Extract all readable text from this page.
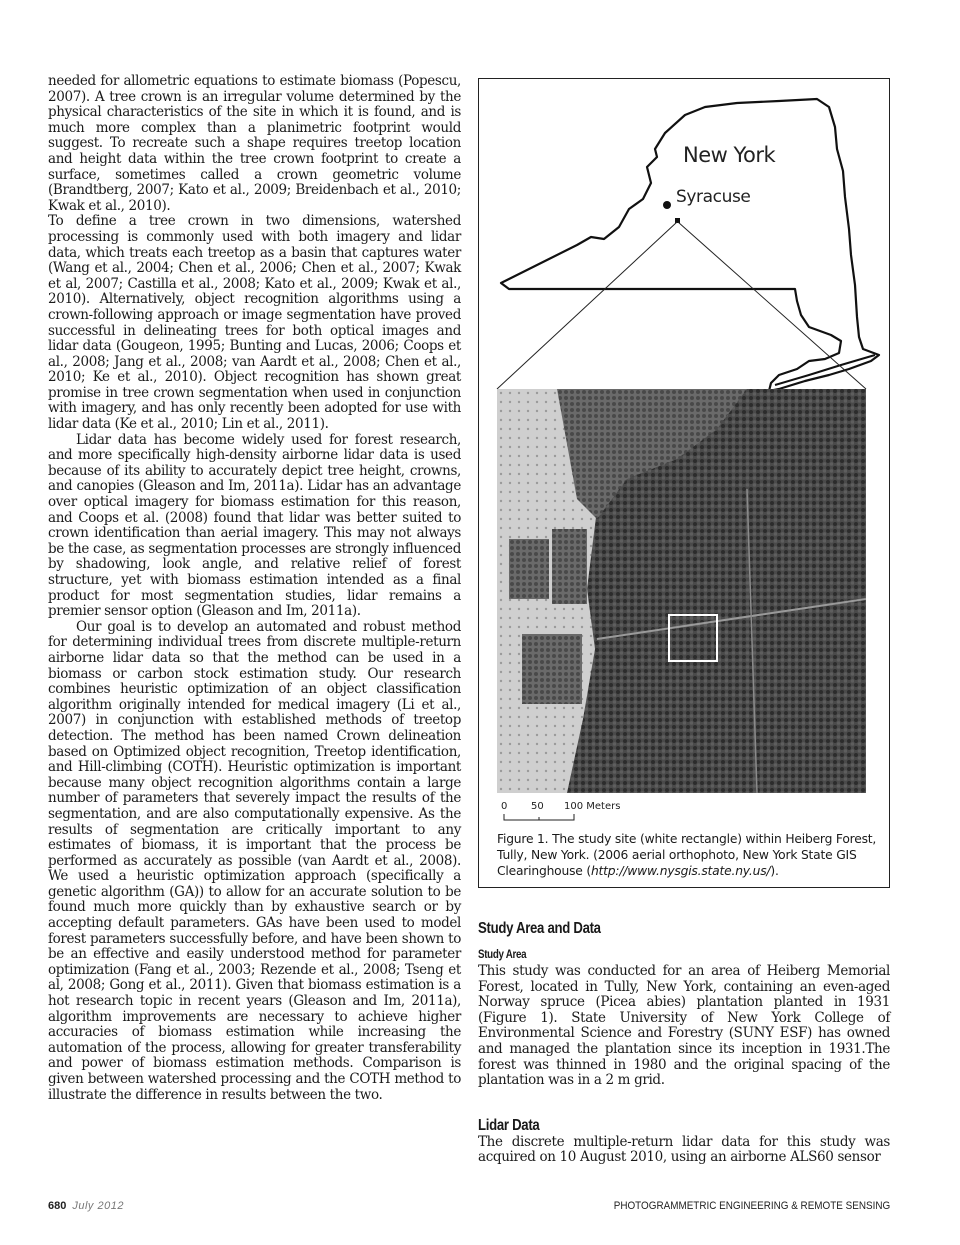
needed for allometric equations to estimate biomass (Popescu, 2007). A tree crown is an irregular volume determined by the physical characteristics of the site in which it is found, and is much more complex than a planimetric footprint would suggest. To recreate such a shape requires treetop location and height data within the tree crown footprint to create a surface, sometimes called a crown geometric volume (Brandtberg, 2007; Kato et al., 2009; Breidenbach et al., 2010; Kwak et al., 2010).

To define a tree crown in two dimensions, watershed processing is commonly used with both imagery and lidar data, which treats each treetop as a basin that captures water (Wang et al., 2004; Chen et al., 2006; Chen et al., 2007; Kwak et al, 2007; Castilla et al., 2008; Kato et al., 2009; Kwak et al., 2010). Alternatively, object recognition algorithms using a crown-following approach or image segmentation have proved successful in delineating trees for both optical images and lidar data (Gougeon, 1995; Bunting and Lucas, 2006; Coops et al., 2008; Jang et al., 2008; van Aardt et al., 2008; Chen et al., 2010; Ke et al., 2010). Object recognition has shown great promise in tree crown segmentation when used in conjunction with imagery, and has only recently been adopted for use with lidar data (Ke et al., 2010; Lin et al., 2011).

Lidar data has become widely used for forest research, and more specifically high-density airborne lidar data is used because of its ability to accurately depict tree height, crowns, and canopies (Gleason and Im, 2011a). Lidar has an advantage over optical imagery for biomass estimation for this reason, and Coops et al. (2008) found that lidar was better suited to crown identification than aerial imagery. This may not always be the case, as segmentation processes are strongly influenced by shadowing, look angle, and relative relief of forest structure, yet with biomass estimation intended as a final product for most segmentation studies, lidar remains a premier sensor option (Gleason and Im, 2011a).

Our goal is to develop an automated and robust method for determining individual trees from discrete multiple-return airborne lidar data so that the method can be used in a biomass or carbon stock estimation study. Our research combines heuristic optimization of an object classification algorithm originally intended for medical imagery (Li et al., 2007) in conjunction with established methods of treetop detection. The method has been named Crown delineation based on Optimized object recognition, Treetop identification, and Hill-climbing (COTH). Heuristic optimization is important because many object recognition algorithms contain a large number of parameters that severely impact the results of the segmentation, and are also computationally expensive. As the results of segmentation are critically important to any estimates of biomass, it is important that the process be performed as accurately as possible (van Aardt et al., 2008). We used a heuristic optimization approach (specifically a genetic algorithm (GA)) to allow for an accurate solution to be found much more quickly than by exhaustive search or by accepting default parameters. GAs have been used to model forest parameters successfully before, and have been shown to be an effective and easily understood method for parameter optimization (Fang et al., 2003; Rezende et al., 2008; Tseng et al, 2008; Gong et al., 2011). Given that biomass estimation is a hot research topic in recent years (Gleason and Im, 2011a), algorithm improvements are necessary to achieve higher accuracies of biomass estimation while increasing the automation of the process, allowing for greater transferability and power of biomass estimation methods. Comparison is given between watershed processing and the COTH method to illustrate the difference in results between the two.

New York
Syracuse
0 50 100 Meters
Figure 1. The study site (white rectangle) within Heiberg Forest, Tully, New York. (2006 aerial orthophoto, New York State GIS Clearinghouse (http://www.nysgis.state.ny.us/).
Study Area and Data
Study Area

This study was conducted for an area of Heiberg Memorial Forest, located in Tully, New York, containing an even-aged Norway spruce (Picea abies) plantation planted in 1931 (Figure 1). State University of New York College of Environmental Science and Forestry (SUNY ESF) has owned and managed the plantation since its inception in 1931.The forest was thinned in 1980 and the original spacing of the plantation was in a 2 m grid.

Lidar Data

The discrete multiple-return lidar data for this study was acquired on 10 August 2010, using an airborne ALS60 sensor

680 July 2012	PHOTOGRAMMETRIC ENGINEERING & REMOTE SENSING
